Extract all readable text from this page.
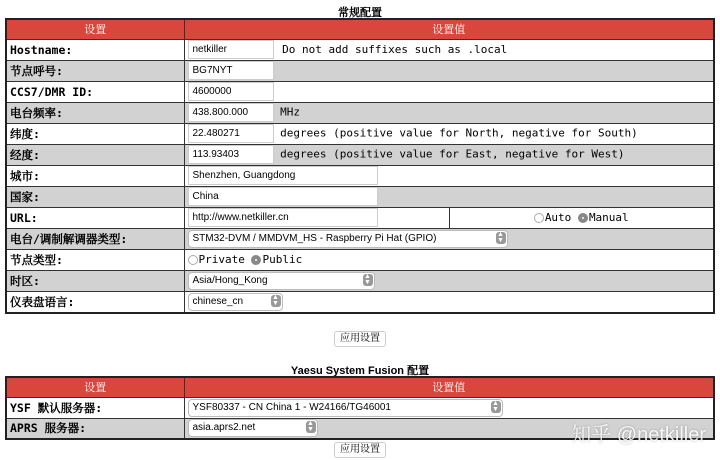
常规配置
设置	设置值	
Hostname:	netkiller Do not add suffixes such as .local	
节点呼号:	BG7NYT	
CCS7/DMR ID:	4600000	
电台频率:	438.800.000 MHz	
纬度:	22.480271 degrees (positive value for North, negative for South)	
经度:	113.93403 degrees (positive value for East, negative for West)	
城市:	Shenzhen, Guangdong	
国家:	China	
URL:	http://www.netkiller.cn	Auto Manual
电台/调制解调器类型:	STM32-DVM / MMDVM_HS - Raspberry Pi Hat (GPIO) ▲
▼	

节点类型:	Private Public	
时区:	Asia/Hong_Kong ▲
▼	

仪表盘语言:	chinese_cn ▲
▼	
应用设置
Yaesu System Fusion 配置
设置	设置值
YSF 默认服务器:	YSF80337 - CN China 1 - W24166/TG46001 ▲
▼

APRS 服务器:	asia.aprs2.net ▲
▼
应用设置
知乎 @netkiller
